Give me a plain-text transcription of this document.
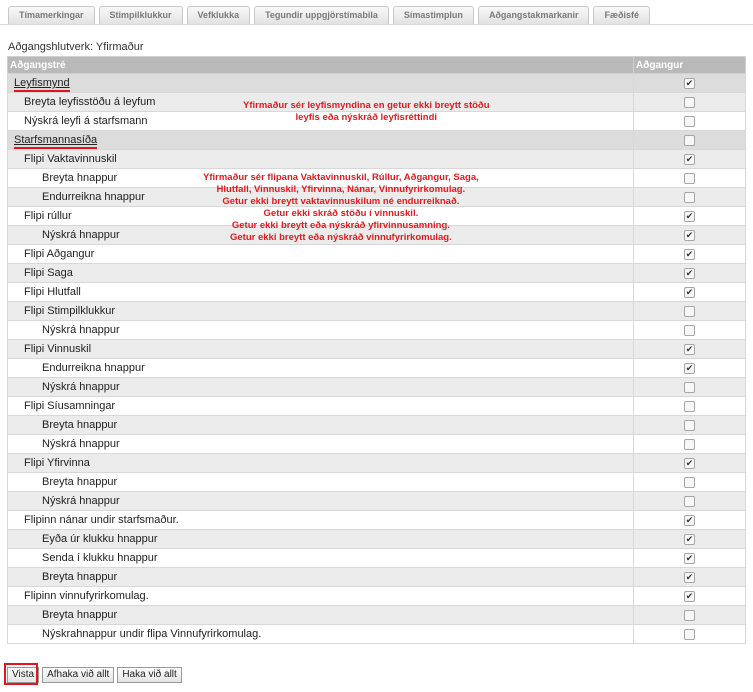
Tímamerkingar	Stimpilklukkur	Vefklukka	Tegundir uppgjörstímabila	Símastimplun	Aðgangstakmarkanir	Fæðisfé
Aðgangshlutverk: Yfirmaður
Aðgangstré	Aðgangur
Leyfismynd	✔
Breyta leyfisstöðu á leyfum	
Nýskrá leyfi á starfsmann	
Starfsmannasíða

Flipi Vaktavinnuskil	✔
Breyta hnappur	
Endurreikna hnappur	
Flipi rúllur	✔
Nýskrá hnappur	✔
Flipi Aðgangur	✔
Flipi Saga	✔
Flipi Hlutfall	✔
Flipi Stimpilklukkur	
Nýskrá hnappur	
Flipi Vinnuskil	✔
Endurreikna hnappur	✔
Nýskrá hnappur	
Flipi Síusamningar	
Breyta hnappur	
Nýskrá hnappur	
Flipi Yfirvinna	✔
Breyta hnappur	
Nýskrá hnappur	
Flipinn nánar undir starfsmaður.	✔
Eyða úr klukku hnappur	✔
Senda í klukku hnappur	✔
Breyta hnappur	✔
Flipinn vinnufyrirkomulag.	✔
Breyta hnappur	
Nýskrahnappur undir flipa Vinnufyrirkomulag.	
Yfirmaður sér leyfismyndina en getur ekki breytt stöðu
leyfis eða nýskráð leyfisréttindi
Yfirmaður sér flipana Vaktavinnuskil, Rúllur, Aðgangur, Saga,
Hlutfall, Vinnuskil, Yfirvinna, Nánar, Vinnufyrirkomulag.
Getur ekki breytt vaktavinnuskilum né endurreiknað.
Getur ekki skráð stöðu í vinnuskil.
Getur ekki breytt eða nýskráð yfirvinnusamning.
Getur ekki breytt eða nýskráð vinnufyrirkomulag.
Vista	Afhaka við allt	Haka við allt
